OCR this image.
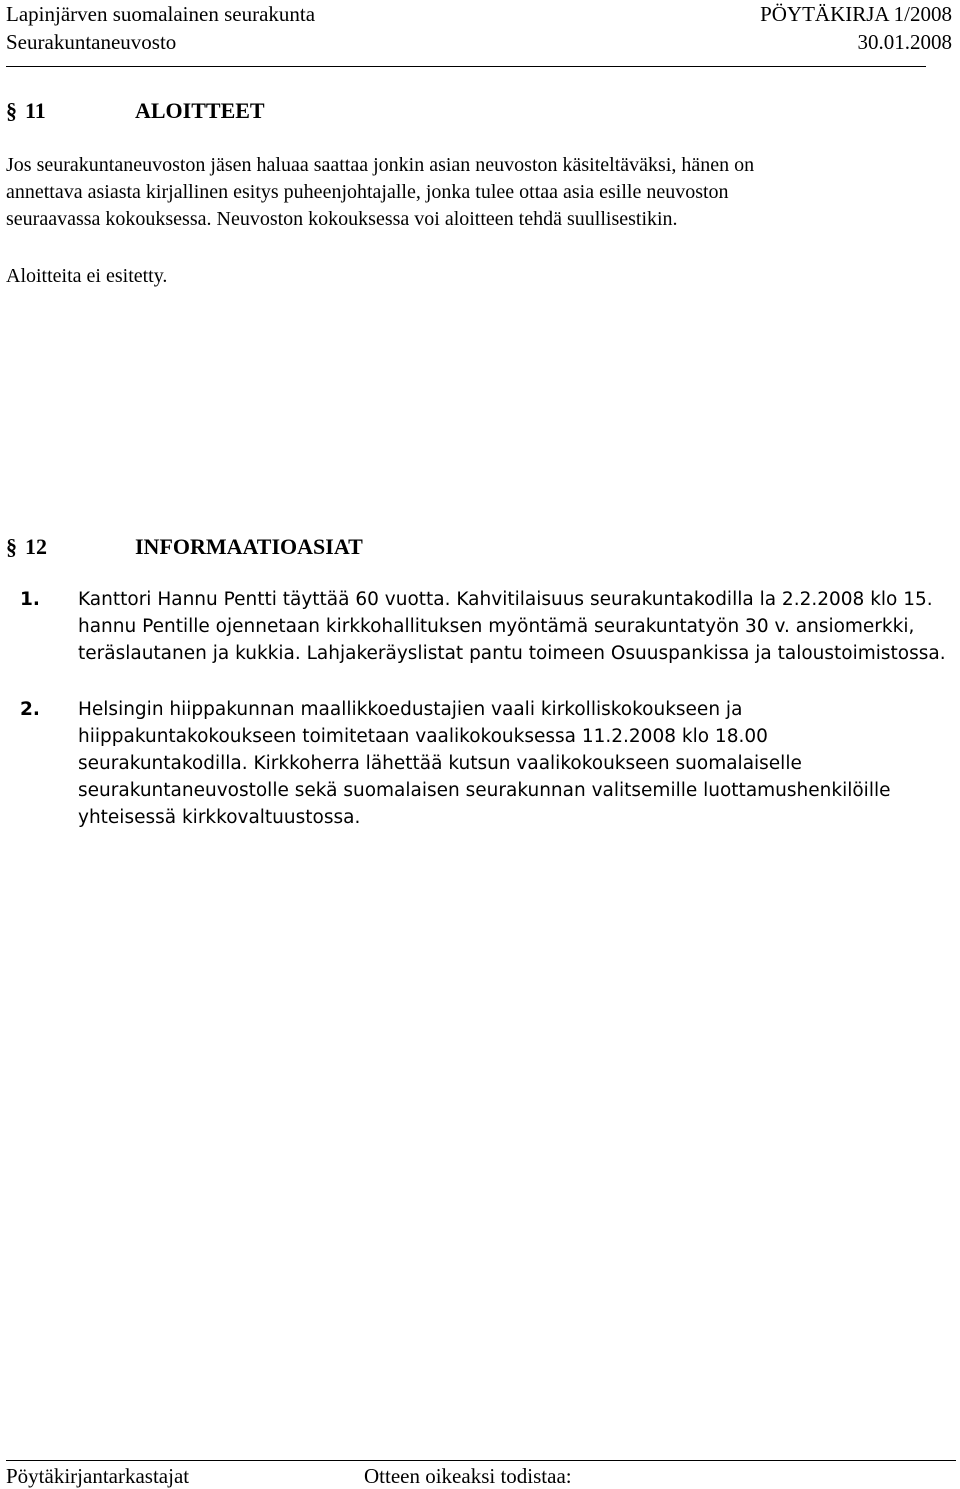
Lapinjärven suomalainen seurakunta	PÖYTÄKIRJA 1/2008
Seurakuntaneuvosto	30.01.2008
§ 11	ALOITTEET

Jos seurakuntaneuvoston jäsen haluaa saattaa jonkin asian neuvoston käsiteltäväksi, hänen on

annettava asiasta kirjallinen esitys puheenjohtajalle, jonka tulee ottaa asia esille neuvoston

seuraavassa kokouksessa. Neuvoston kokouksessa voi aloitteen tehdä suullisestikin.

Aloitteita ei esitetty.
§ 12	INFORMAATIOASIAT
1. Kanttori Hannu Pentti täyttää 60 vuotta. Kahvitilaisuus seurakuntakodilla la 2.2.2008 klo 15.
hannu Pentille ojennetaan kirkkohallituksen myöntämä seurakuntatyön 30 v. ansiomerkki,
teräslautanen ja kukkia. Lahjakeräyslistat pantu toimeen Osuuspankissa ja taloustoimistossa.
2. Helsingin hiippakunnan maallikkoedustajien vaali kirkolliskokoukseen ja
hiippakuntakokoukseen toimitetaan vaalikokouksessa 11.2.2008 klo 18.00
seurakuntakodilla. Kirkkoherra lähettää kutsun vaalikokoukseen suomalaiselle
seurakuntaneuvostolle sekä suomalaisen seurakunnan valitsemille luottamushenkilöille
yhteisessä kirkkovaltuustossa.
Pöytäkirjantarkastajat	Otteen oikeaksi todistaa:
